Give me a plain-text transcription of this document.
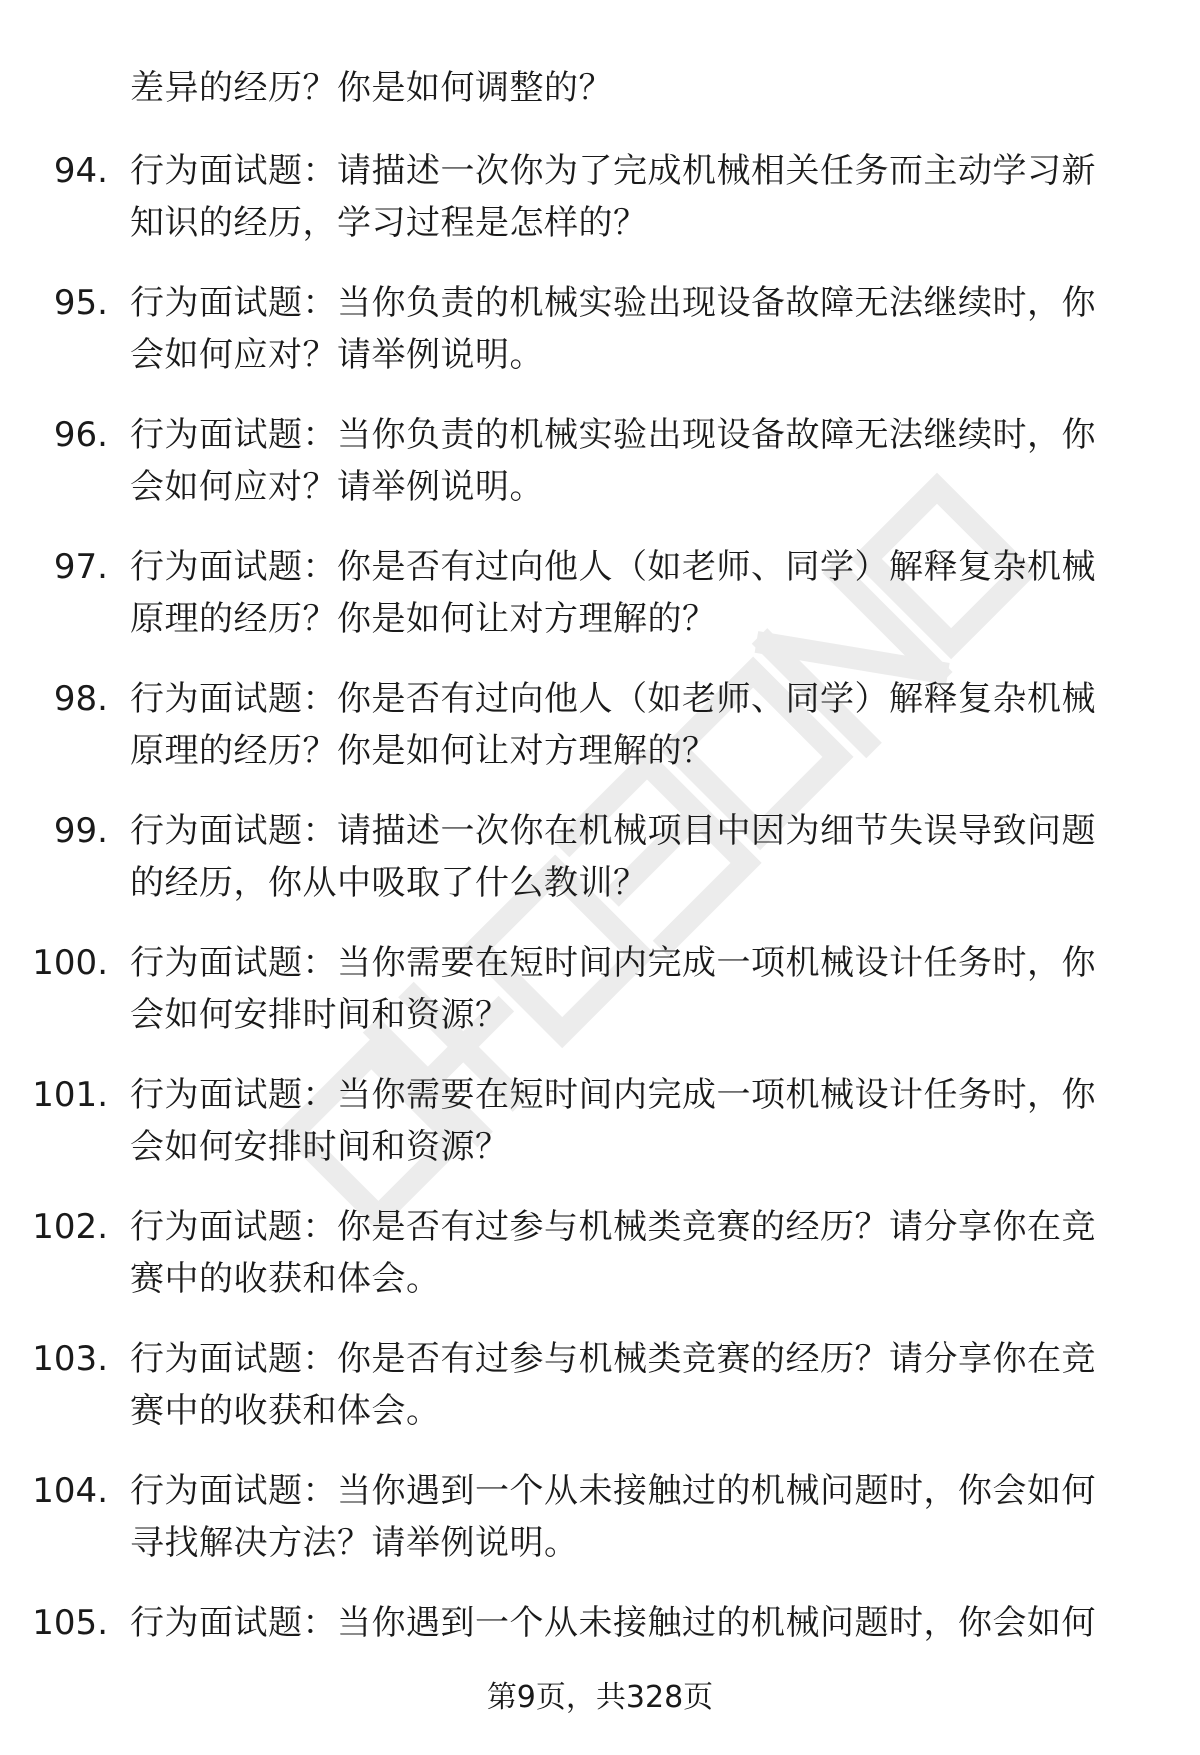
差异的经历？你是如何调整的？
94. 行为面试题：请描述一次你为了完成机械相关任务而主动学习新
知识的经历，学习过程是怎样的？
95. 行为面试题：当你负责的机械实验出现设备故障无法继续时，你
会如何应对？请举例说明。
96. 行为面试题：当你负责的机械实验出现设备故障无法继续时，你
会如何应对？请举例说明。
97. 行为面试题：你是否有过向他人（如老师、同学）解释复杂机械
原理的经历？你是如何让对方理解的？
98. 行为面试题：你是否有过向他人（如老师、同学）解释复杂机械
原理的经历？你是如何让对方理解的？
99. 行为面试题：请描述一次你在机械项目中因为细节失误导致问题
的经历，你从中吸取了什么教训？
100. 行为面试题：当你需要在短时间内完成一项机械设计任务时，你
会如何安排时间和资源？
101. 行为面试题：当你需要在短时间内完成一项机械设计任务时，你
会如何安排时间和资源？
102. 行为面试题：你是否有过参与机械类竞赛的经历？请分享你在竞
赛中的收获和体会。
103. 行为面试题：你是否有过参与机械类竞赛的经历？请分享你在竞
赛中的收获和体会。
104. 行为面试题：当你遇到一个从未接触过的机械问题时，你会如何
寻找解决方法？请举例说明。
105. 行为面试题：当你遇到一个从未接触过的机械问题时，你会如何
第9页，共328页
